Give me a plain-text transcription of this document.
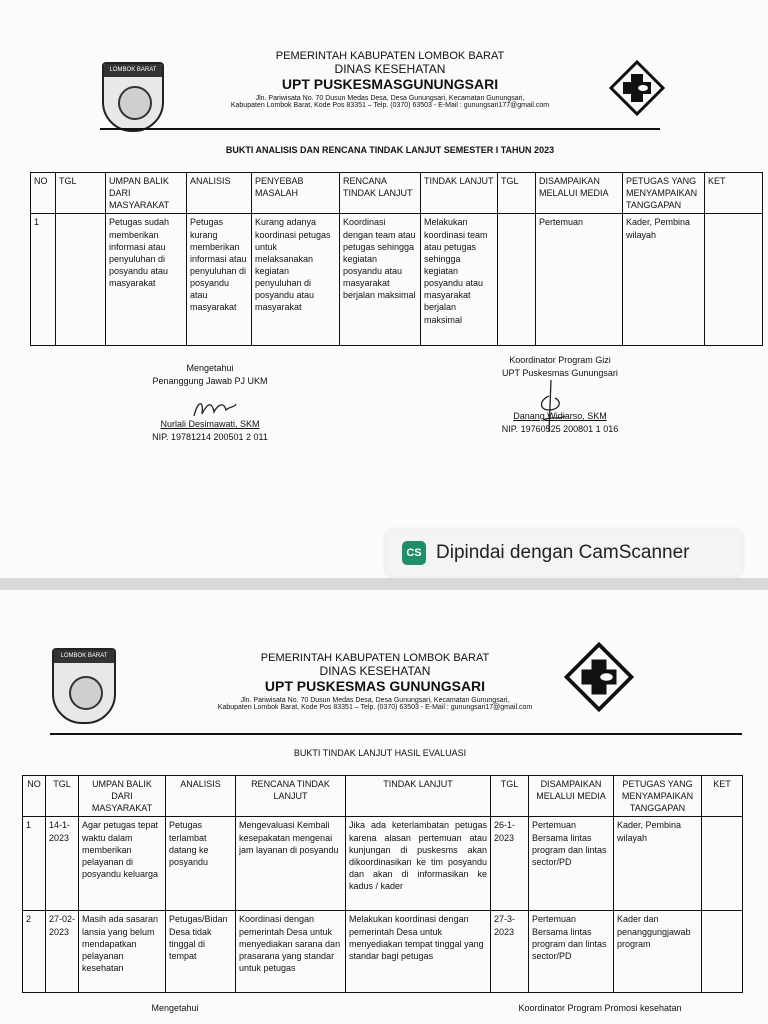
LOMBOK BARAT
PEMERINTAH KABUPATEN LOMBOK BARAT
DINAS KESEHATAN
UPT PUSKESMASGUNUNGSARI
Jln. Pariwisata No. 70 Dusun Medas Desa, Desa Gunungsari, Kecamatan Gunungsari,
Kabupaten Lombok Barat, Kode Pos 83351 – Telp. (0370) 63503 - E-Mail : gunungsari177@gmail.com
BUKTI ANALISIS DAN RENCANA TINDAK LANJUT SEMESTER I TAHUN 2023
NO	TGL	UMPAN BALIK DARI MASYARAKAT	ANALISIS	PENYEBAB MASALAH	RENCANA TINDAK LANJUT	TINDAK LANJUT	TGL	DISAMPAIKAN MELALUI MEDIA	PETUGAS YANG MENYAMPAIKAN TANGGAPAN	KET
1		Petugas sudah memberikan informasi atau penyuluhan di posyandu atau masyarakat	Petugas kurang memberikan informasi atau penyuluhan di posyandu atau masyarakat	Kurang adanya koordinasi petugas untuk melaksanakan kegiatan penyuluhan di posyandu atau masyarakat	Koordinasi dengan team atau petugas sehingga kegiatan posyandu atau masyarakat berjalan maksimal	Melakukan koordinasi team atau petugas sehingga kegiatan posyandu atau masyarakat berjalan maksimal		Pertemuan	Kader, Pembina wilayah	
Mengetahui
Penanggung Jawab PJ UKM
Nurlali Desimawati, SKM
NIP. 19781214 200501 2 011
Koordinator Program Gizi
UPT Puskesmas Gunungsari
Danang Widiarso, SKM
NIP. 19760525 200801 1 016
CS Dipindai dengan CamScanner
LOMBOK BARAT	PEMERINTAH KABUPATEN LOMBOK BARAT
DINAS KESEHATAN
UPT PUSKESMAS GUNUNGSARI
Jln. Pariwisata No. 70 Dusun Medas Desa, Desa Gunungsari, Kecamatan Gunungsari,
Kabupaten Lombok Barat, Kode Pos 83351 – Telp. (0370) 63503 - E-Mail : gunungsari17@gmail.com
BUKTI TINDAK LANJUT HASIL EVALUASI
NO	TGL	UMPAN BALIK DARI MASYARAKAT	ANALISIS	RENCANA TINDAK LANJUT	TINDAK LANJUT	TGL	DISAMPAIKAN MELALUI MEDIA	PETUGAS YANG MENYAMPAIKAN TANGGAPAN	KET
1	14-1-2023	Agar petugas tepat waktu dalam memberikan pelayanan di posyandu keluarga	Petugas terlambat datang ke posyandu	Mengevaluasi Kembali kesepakatan mengenai jam layanan di posyandu	Jika ada keterlambatan petugas karena alasan pertemuan atau kunjungan di puskesms akan dikoordinasikan ke tim posyandu dan akan di informasikan ke kadus / kader	26-1-2023	Pertemuan Bersama lintas program dan lintas sector/PD	Kader, Pembina wilayah	
2	27-02-2023	Masih ada sasaran lansia yang belum mendapatkan pelayanan kesehatan	Petugas/Bidan Desa tidak tinggal di tempat	Koordinasi dengan pemerintah Desa untuk menyediakan sarana dan prasarana yang standar untuk petugas	Melakukan koordinasi dengan pemerintah Desa untuk menyediakan tempat tinggal yang standar bagi petugas	27-3-2023	Pertemuan Bersama lintas program dan lintas sector/PD	Kader dan penanggungjawab program	
Mengetahui	Koordinator Program Promosi kesehatan
